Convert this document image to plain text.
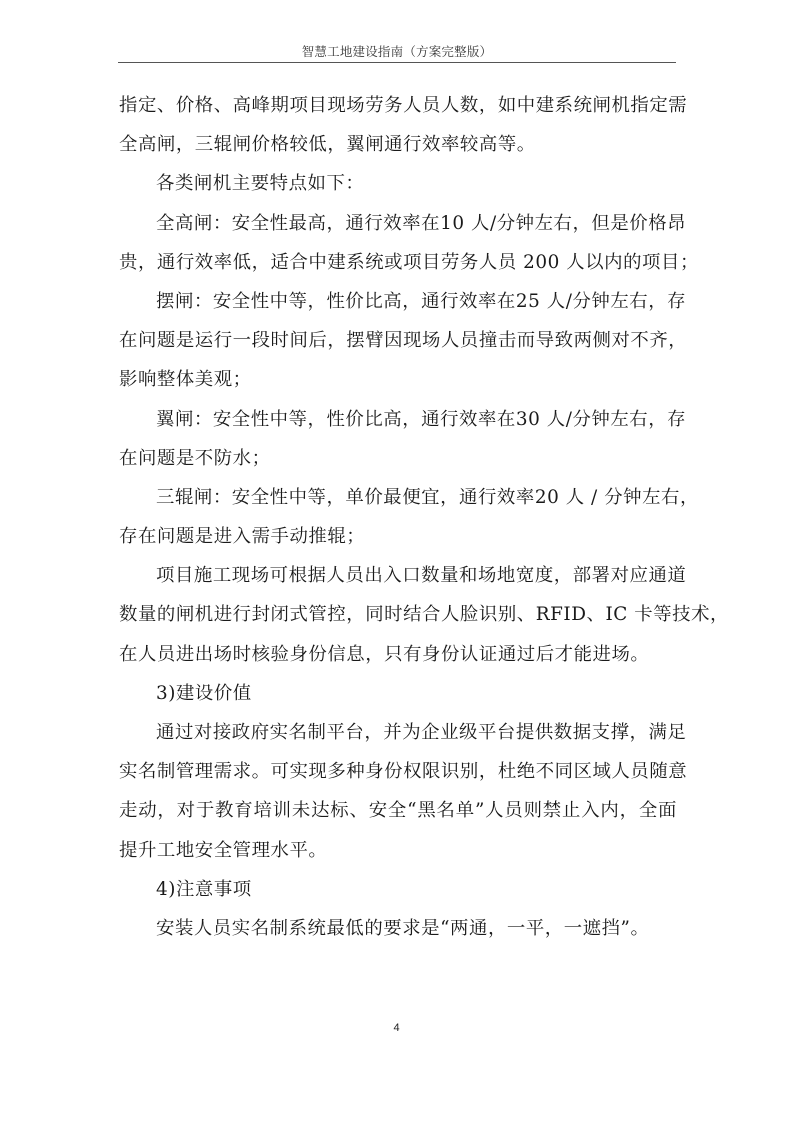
智慧工地建设指南（方案完整版）
指定、价格、高峰期项目现场劳务人员人数，如中建系统闸机指定需
全高闸，三辊闸价格较低，翼闸通行效率较高等。
各类闸机主要特点如下：
全高闸：安全性最高，通行效率在10 人/分钟左右，但是价格昂
贵，通行效率低，适合中建系统或项目劳务人员 200 人以内的项目；
摆闸：安全性中等，性价比高，通行效率在25 人/分钟左右，存
在问题是运行一段时间后，摆臂因现场人员撞击而导致两侧对不齐，
影响整体美观；
翼闸：安全性中等，性价比高，通行效率在30 人/分钟左右，存
在问题是不防水；
三辊闸：安全性中等，单价最便宜，通行效率20 人 / 分钟左右，
存在问题是进入需手动推辊；
项目施工现场可根据人员出入口数量和场地宽度，部署对应通道
数量的闸机进行封闭式管控，同时结合人脸识别、RFID、IC 卡等技术，
在人员进出场时核验身份信息，只有身份认证通过后才能进场。
3)建设价值
通过对接政府实名制平台，并为企业级平台提供数据支撑，满足
实名制管理需求。可实现多种身份权限识别，杜绝不同区域人员随意
走动，对于教育培训未达标、安全“黑名单”人员则禁止入内，全面
提升工地安全管理水平。
4)注意事项
安装人员实名制系统最低的要求是“两通，一平，一遮挡”。
4
